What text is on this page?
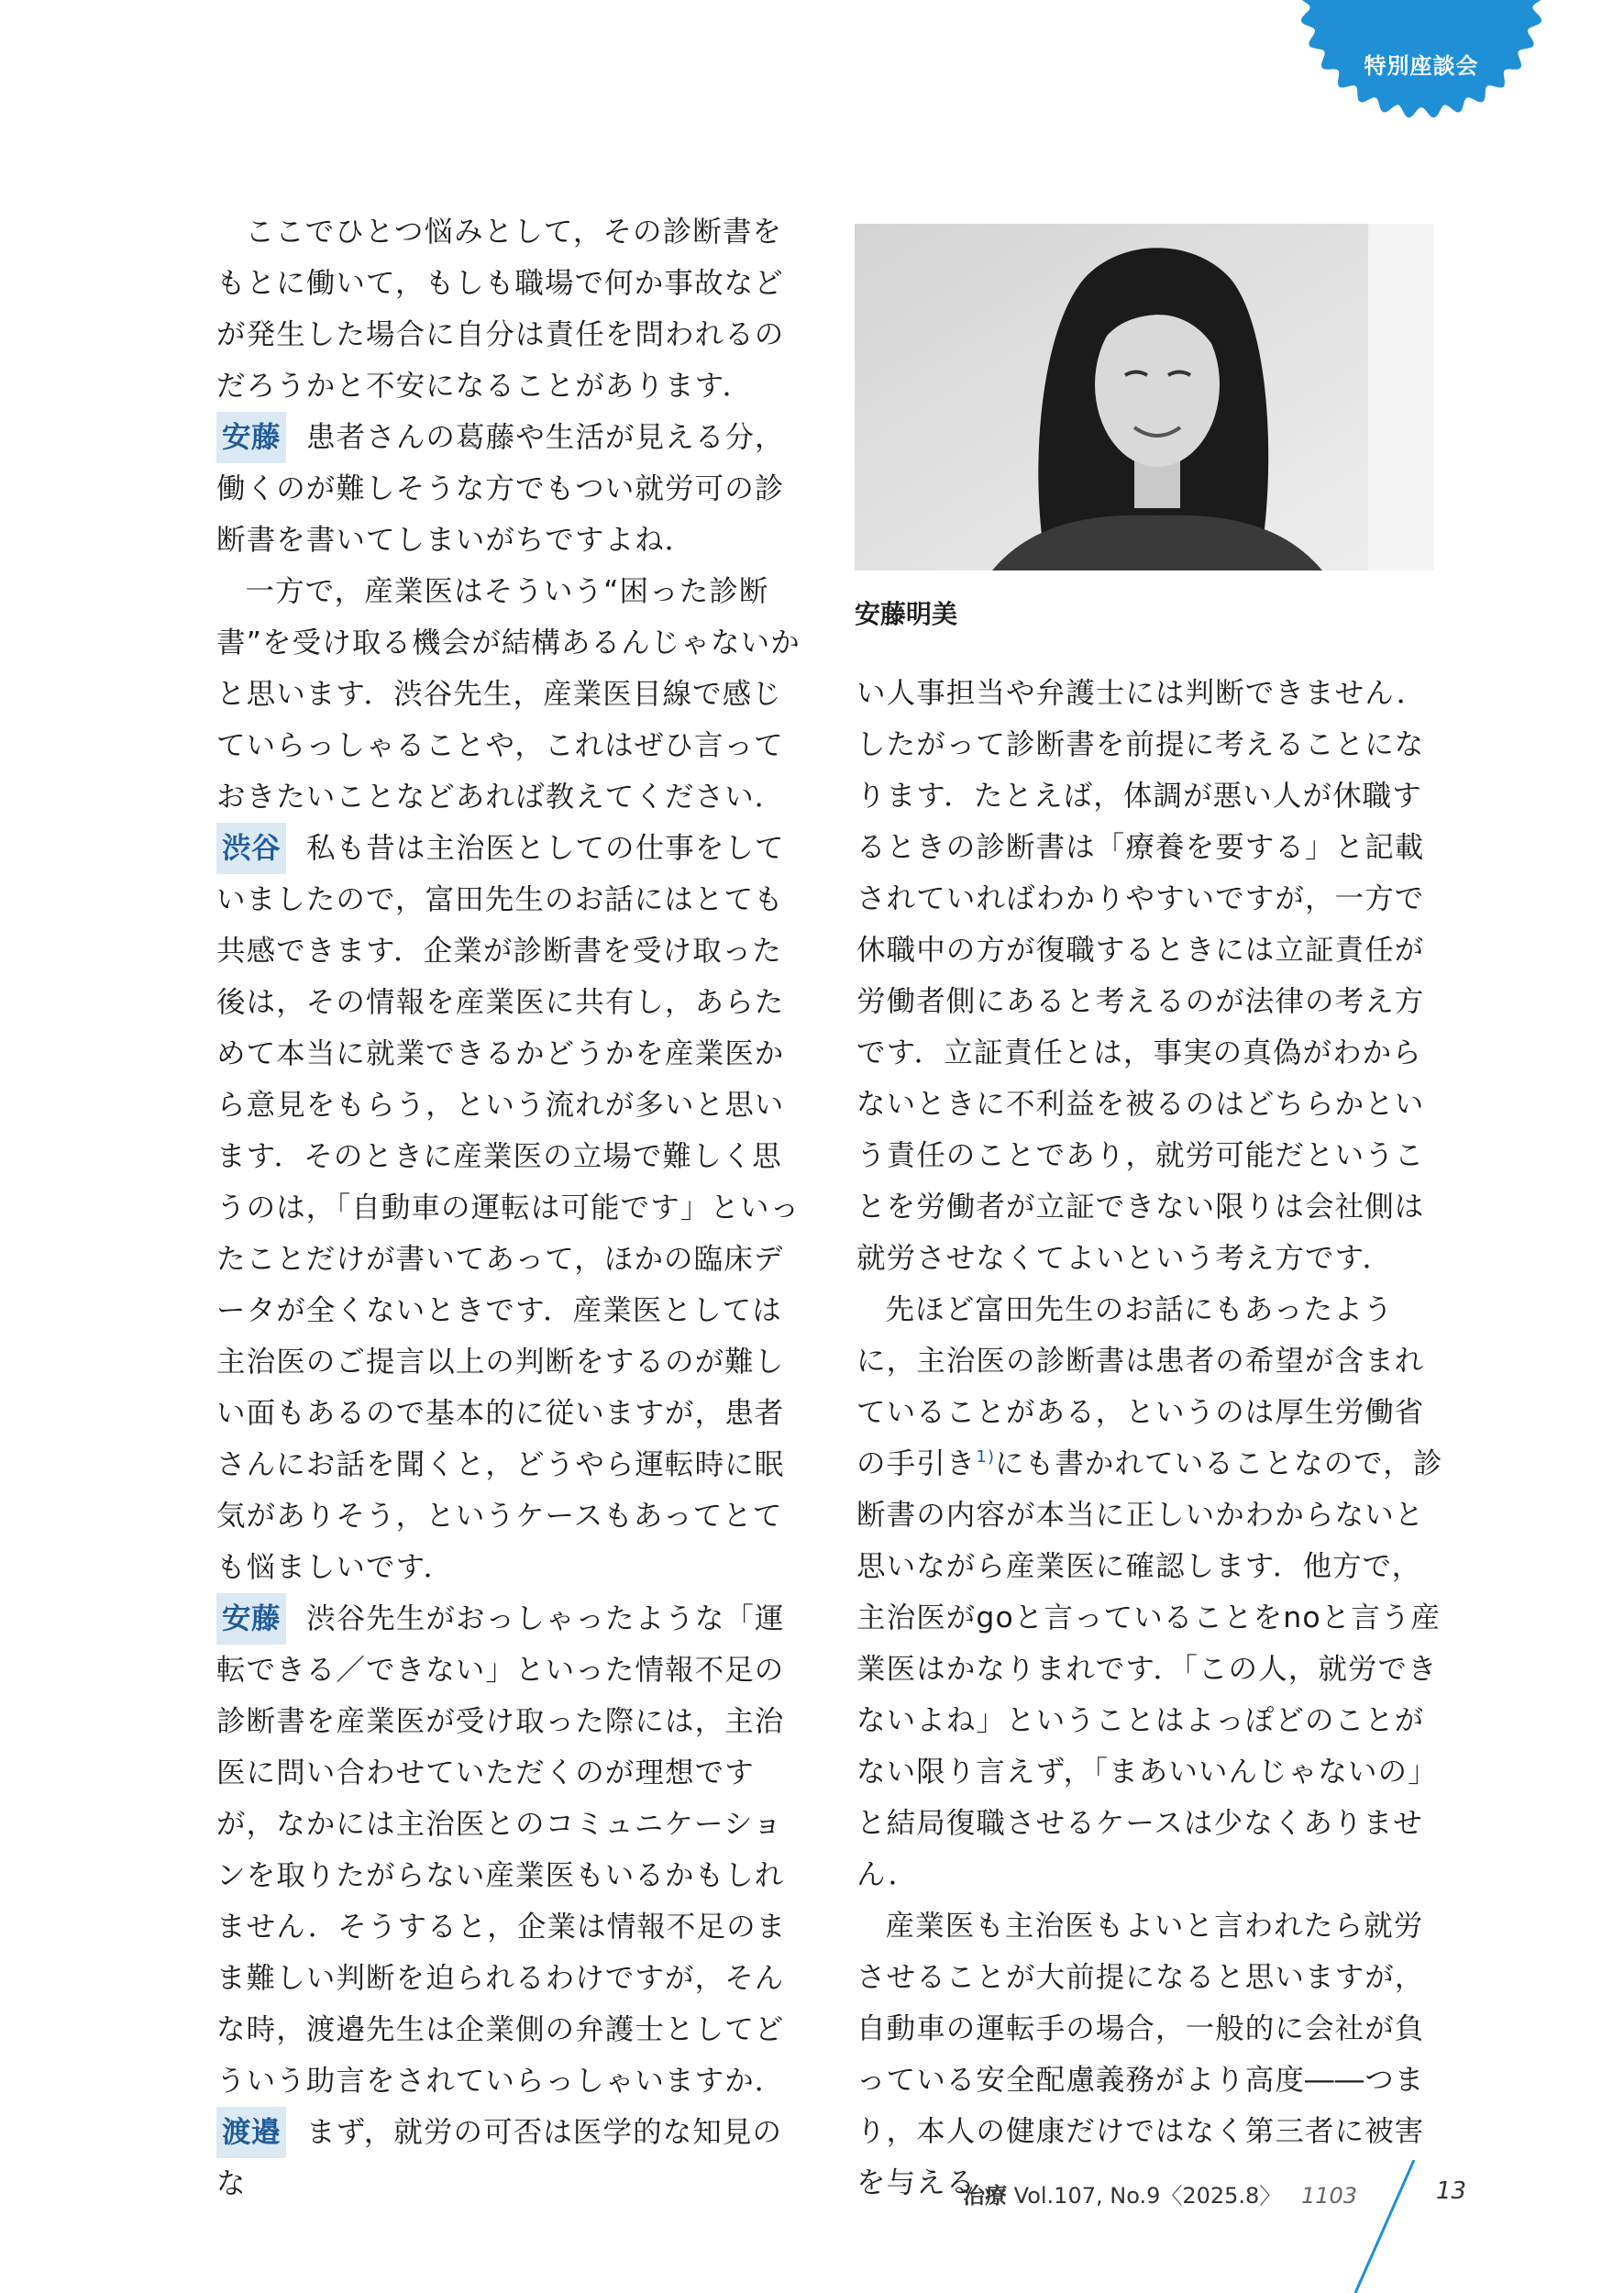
特別座談会

ここでひとつ悩みとして，その診断書をもとに働いて，もしも職場で何か事故などが発生した場合に自分は責任を問われるのだろうかと不安になることがあります．

安藤 患者さんの葛藤や生活が見える分，働くのが難しそうな方でもつい就労可の診断書を書いてしまいがちですよね．

一方で，産業医はそういう“困った診断書”を受け取る機会が結構あるんじゃないかと思います．渋谷先生，産業医目線で感じていらっしゃることや，これはぜひ言っておきたいことなどあれば教えてください．

渋谷 私も昔は主治医としての仕事をしていましたので，富田先生のお話にはとても共感できます．企業が診断書を受け取った後は，その情報を産業医に共有し，あらためて本当に就業できるかどうかを産業医から意見をもらう，という流れが多いと思います．そのときに産業医の立場で難しく思うのは，「自動車の運転は可能です」といったことだけが書いてあって，ほかの臨床データが全くないときです．産業医としては主治医のご提言以上の判断をするのが難しい面もあるので基本的に従いますが，患者さんにお話を聞くと，どうやら運転時に眠気がありそう，というケースもあってとても悩ましいです．

安藤 渋谷先生がおっしゃったような「運転できる／できない」といった情報不足の診断書を産業医が受け取った際には，主治医に問い合わせていただくのが理想ですが，なかには主治医とのコミュニケーションを取りたがらない産業医もいるかもしれません．そうすると，企業は情報不足のまま難しい判断を迫られるわけですが，そんな時，渡邉先生は企業側の弁護士としてどういう助言をされていらっしゃいますか．

渡邉 まず，就労の可否は医学的な知見のな

安藤明美

い人事担当や弁護士には判断できません．したがって診断書を前提に考えることになります．たとえば，体調が悪い人が休職するときの診断書は「療養を要する」と記載されていればわかりやすいですが，一方で休職中の方が復職するときには立証責任が労働者側にあると考えるのが法律の考え方です．立証責任とは，事実の真偽がわからないときに不利益を被るのはどちらかという責任のことであり，就労可能だということを労働者が立証できない限りは会社側は就労させなくてよいという考え方です．

先ほど富田先生のお話にもあったように，主治医の診断書は患者の希望が含まれていることがある，というのは厚生労働省の手引き$^{1)}$にも書かれていることなので，診断書の内容が本当に正しいかわからないと思いながら産業医に確認します．他方で，主治医がgoと言っていることをnoと言う産業医はかなりまれです．「この人，就労できないよね」ということはよっぽどのことがない限り言えず，「まあいいんじゃないの」と結局復職させるケースは少なくありません．

産業医も主治医もよいと言われたら就労させることが大前提になると思いますが，自動車の運転手の場合，一般的に会社が負っている安全配慮義務がより高度――つまり，本人の健康だけではなく第三者に被害を与える

治療 Vol.107, No.9〈2025.8〉 1103	13
